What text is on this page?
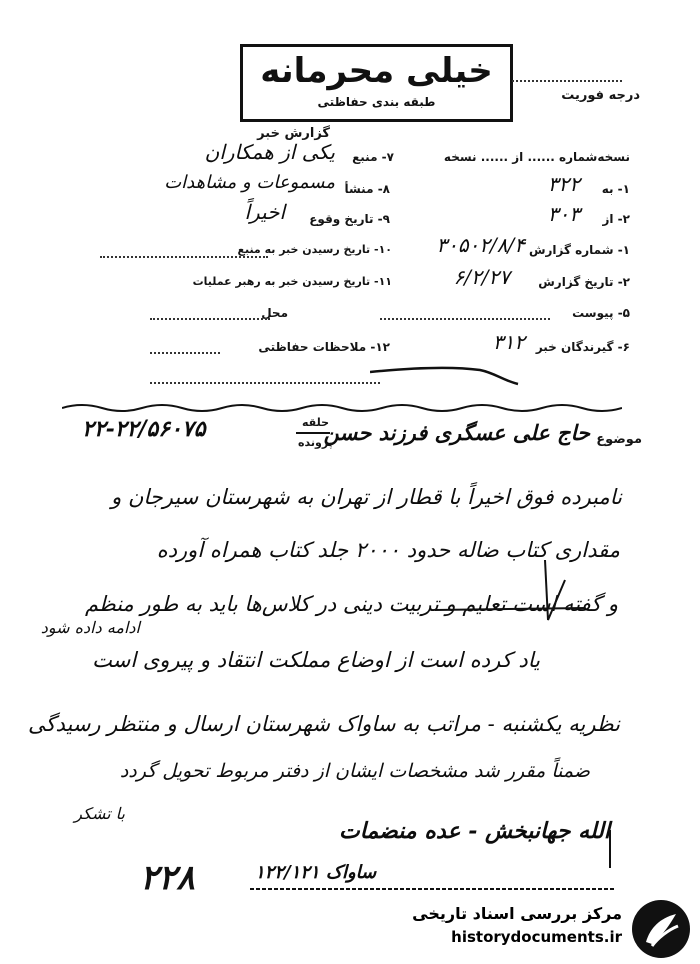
خیلی محرمانه
طبقه بندی حفاظتی	درجه فوریت
گزارش خبر
نسخه‌شماره ...... از ...... نسخه
۷- منبع
یکی از همکاران
۱- به
۳۲۲
۸- منشأ
مسموعات و مشاهدات
۲- از
۳۰۳
۹- تاریخ وقوع
اخیراً
۱- شماره گزارش
۳۰۵۰۲/۸/۴
۱۰- تاریخ رسیدن خبر به منبع
۲- تاریخ گزارش
۶/۲/۲۷
۱۱- تاریخ رسیدن خبر به رهبر عملیات
۵- پیوست
محل
۶- گیرندگان خبر
۳۱۲
۱۲- ملاحظات حفاظتی
موضوع
حاج علی عسگری فرزند حسن
حلقه
پرونده
۲۲-۲۲/۵۶۰۷۵
نامبرده فوق اخیراً با قطار از تهران به شهرستان سیرجان و
مقداری کتاب ضاله حدود ۲۰۰۰ جلد کتاب همراه آورده
و گفته است تعلیم و تربیت دینی در کلاس‌ها باید به طور منظم
ادامه داده شود
یاد کرده است از اوضاع مملکت انتقاد و پیروی است
نظریه یکشنبه - مراتب به ساواک شهرستان ارسال و منتظر رسیدگی
ضمناً مقرر شد مشخصات ایشان از دفتر مربوط تحویل گردد
با تشکر
الله جهانبخش - عده منضمات
۲۲۸	ساواک ۱۲۲/۱۲۱
مرکز بررسی اسناد تاریخی
historydocuments.ir
